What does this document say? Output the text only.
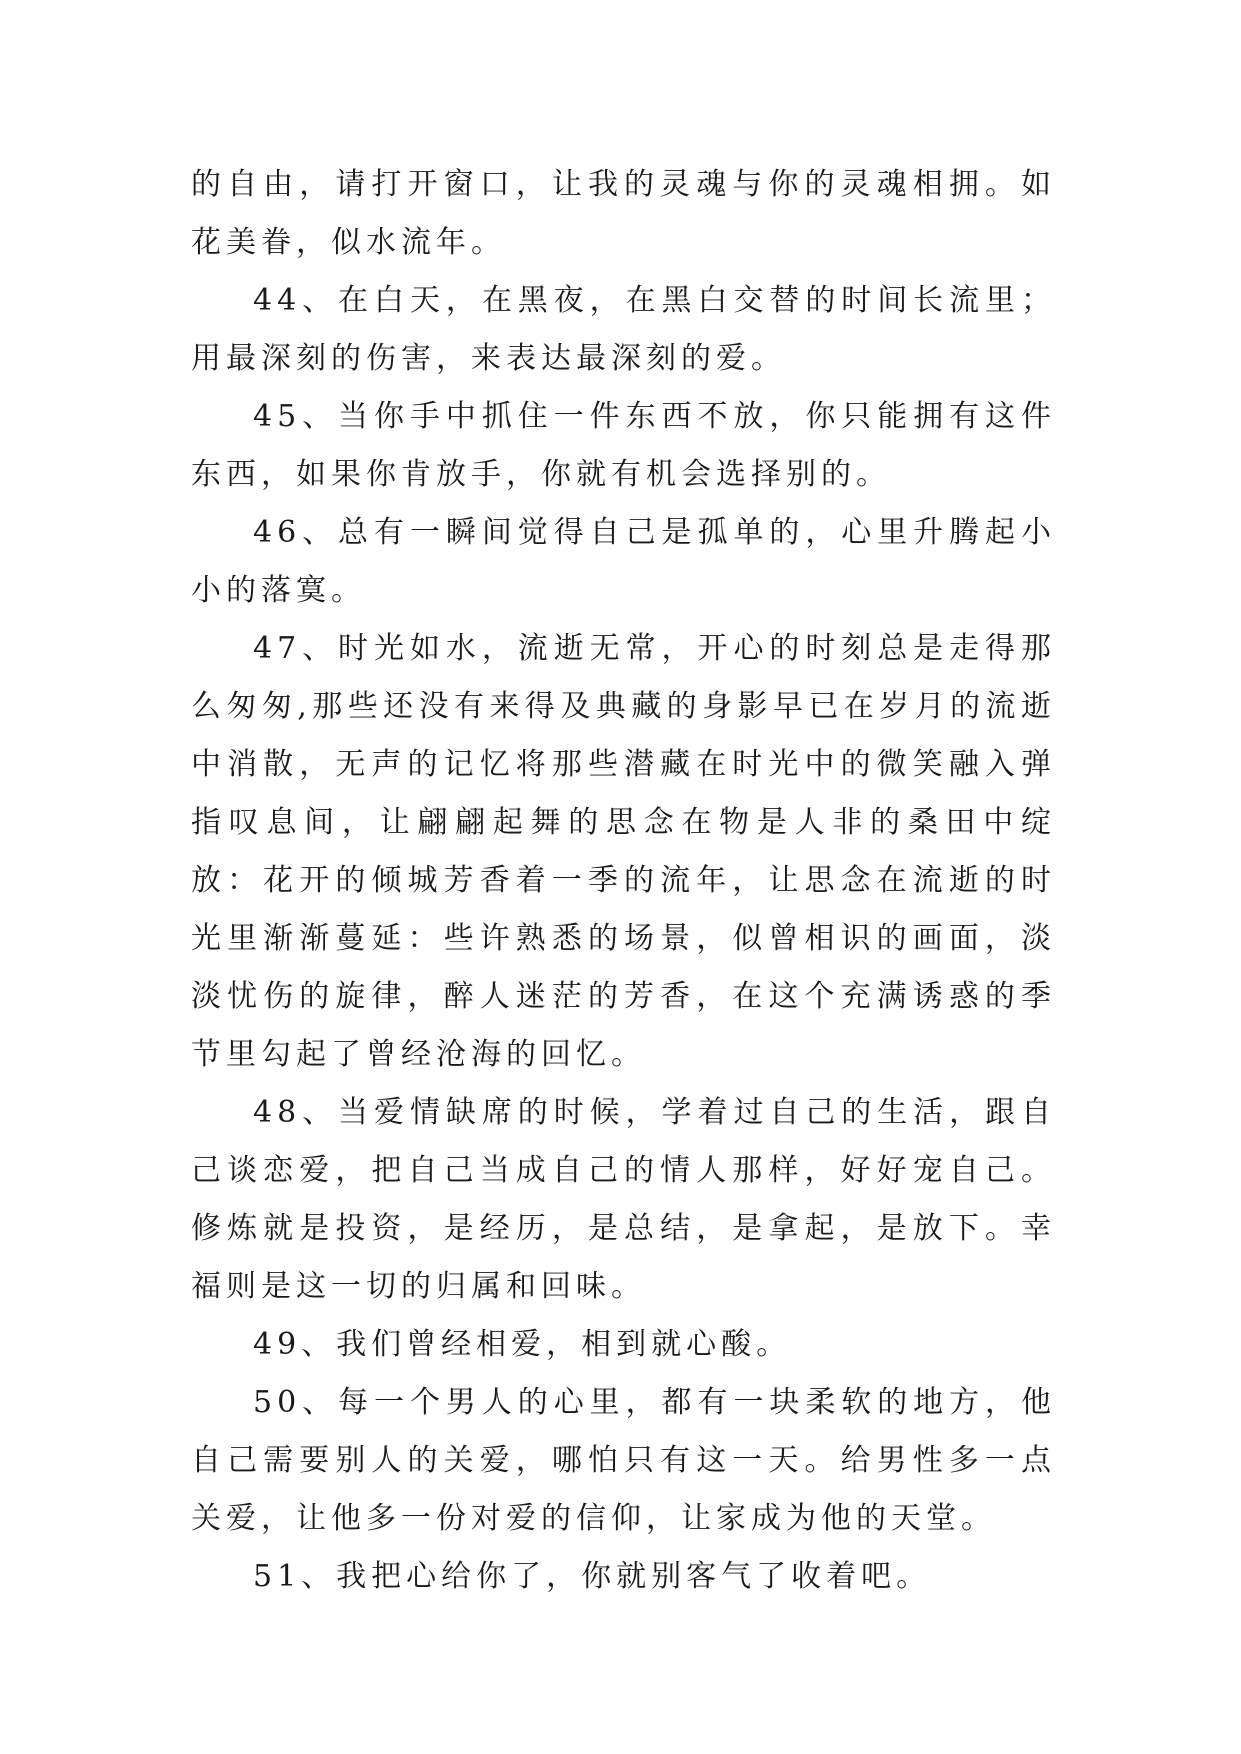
的自由，请打开窗口，让我的灵魂与你的灵魂相拥。如花美眷，似水流年。

44、在白天，在黑夜，在黑白交替的时间长流里；用最深刻的伤害，来表达最深刻的爱。

45、当你手中抓住一件东西不放，你只能拥有这件东西，如果你肯放手，你就有机会选择别的。

46、总有一瞬间觉得自己是孤单的，心里升腾起小小的落寞。

47、时光如水，流逝无常，开心的时刻总是走得那么匆匆,那些还没有来得及典藏的身影早已在岁月的流逝中消散，无声的记忆将那些潜藏在时光中的微笑融入弹指叹息间，让翩翩起舞的思念在物是人非的桑田中绽放：花开的倾城芳香着一季的流年，让思念在流逝的时光里渐渐蔓延：些许熟悉的场景，似曾相识的画面，淡淡忧伤的旋律，醉人迷茫的芳香，在这个充满诱惑的季节里勾起了曾经沧海的回忆。

48、当爱情缺席的时候，学着过自己的生活，跟自己谈恋爱，把自己当成自己的情人那样，好好宠自己。修炼就是投资，是经历，是总结，是拿起，是放下。幸福则是这一切的归属和回味。

49、我们曾经相爱，相到就心酸。

50、每一个男人的心里，都有一块柔软的地方，他自己需要别人的关爱，哪怕只有这一天。给男性多一点关爱，让他多一份对爱的信仰，让家成为他的天堂。

51、我把心给你了，你就别客气了收着吧。
